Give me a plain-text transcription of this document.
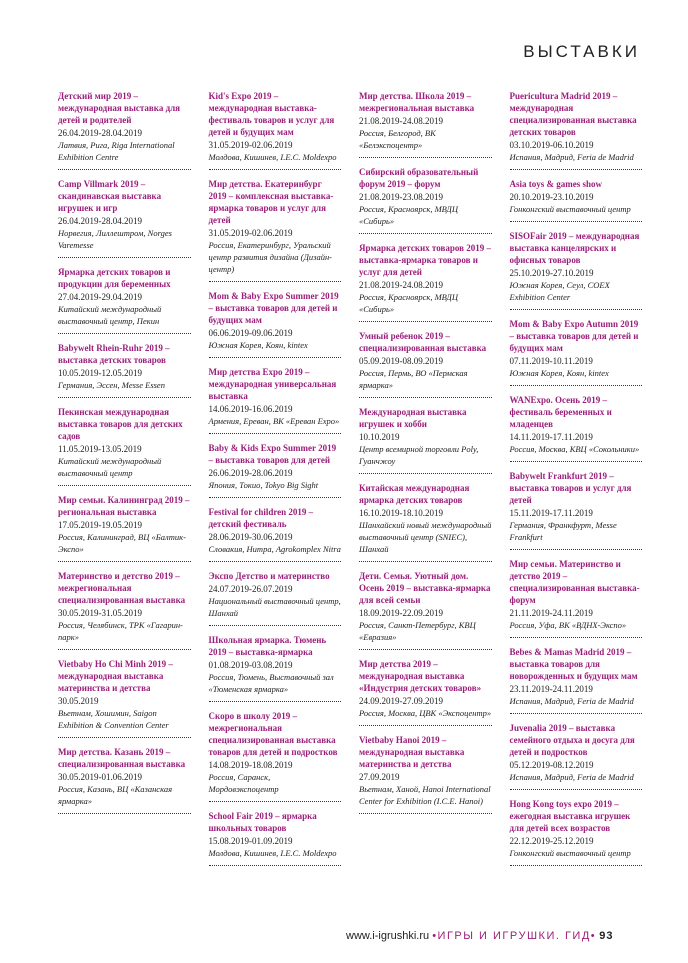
ВЫСТАВКИ
Детский мир 2019 – международная выставка для детей и родителей
26.04.2019-28.04.2019
Латвия, Рига, Riga International Exhibition Centre
Camp Villmark 2019 – скандинавская выставка игрушек и игр
26.04.2019-28.04.2019
Норвегия, Лиллештром, Norges Varemesse
Ярмарка детских товаров и продукции для беременных
27.04.2019-29.04.2019
Китайский международный выставочный центр, Пекин
Babywelt Rhein-Ruhr 2019 – выставка детских товаров
10.05.2019-12.05.2019
Германия, Эссен, Messe Essen
Пекинская международная выставка товаров для детских садов
11.05.2019-13.05.2019
Китайский международный выставочный центр
Мир семьи. Калининград 2019 – региональная выставка
17.05.2019-19.05.2019
Россия, Калининград, ВЦ «Балтик-Экспо»
Материнство и детство 2019 – межрегиональная специализированная выставка
30.05.2019-31.05.2019
Россия, Челябинск, ТРК «Гагарин-парк»
Vietbaby Ho Chi Minh 2019 – международная выставка материнства и детства
30.05.2019
Вьетнам, Хошимин, Saigon Exhibition & Convention Center
Мир детства. Казань 2019 – специализированная выставка
30.05.2019-01.06.2019
Россия, Казань, ВЦ «Казанская ярмарка»
Kid's Expo 2019 – международная выставка-фестиваль товаров и услуг для детей и будущих мам
31.05.2019-02.06.2019
Молдова, Кишинев, I.E.C. Moldexpo
Мир детства. Екатеринбург 2019 – комплексная выставка-ярмарка товаров и услуг для детей
31.05.2019-02.06.2019
Россия, Екатеринбург, Уральский центр развития дизайна (Дизайн-центр)
Mom & Baby Expo Summer 2019 – выставка товаров для детей и будущих мам
06.06.2019-09.06.2019
Южная Корея, Коян, kintex
Мир детства Expo 2019 – международная универсальная выставка
14.06.2019-16.06.2019
Армения, Ереван, ВК «Ереван Expo»
Baby & Kids Expo Summer 2019 – выставка товаров для детей
26.06.2019-28.06.2019
Япония, Токио, Tokyo Big Sight
Festival for children 2019 – детский фестиваль
28.06.2019-30.06.2019
Словакия, Нитра, Agrokomplex Nitra
Экспо Детство и материнство
24.07.2019-26.07.2019
Национальный выставочный центр, Шанхай
Школьная ярмарка. Тюмень 2019 – выставка-ярмарка
01.08.2019-03.08.2019
Россия, Тюмень, Выставочный зал «Тюменская ярмарка»
Скоро в школу 2019 – межрегиональная специализированная выставка товаров для детей и подростков
14.08.2019-18.08.2019
Россия, Саранск, Мордовэкспоцентр
School Fair 2019 – ярмарка школьных товаров
15.08.2019-01.09.2019
Молдова, Кишинев, I.E.C. Moldexpo
Мир детства. Школа 2019 – межрегиональная выставка
21.08.2019-24.08.2019
Россия, Белгород, ВК «Белэкспоцентр»
Сибирский образовательный форум 2019 – форум
21.08.2019-23.08.2019
Россия, Красноярск, МВДЦ «Сибирь»
Ярмарка детских товаров 2019 – выставка-ярмарка товаров и услуг для детей
21.08.2019-24.08.2019
Россия, Красноярск, МВДЦ «Сибирь»
Умный ребенок 2019 – специализированная выставка
05.09.2019-08.09.2019
Россия, Пермь, ВО «Пермская ярмарка»
Международная выставка игрушек и хобби
10.10.2019
Центр всемирной торговли Poly, Гуанчжоу
Китайская международная ярмарка детских товаров
16.10.2019-18.10.2019
Шанхайский новый международный выставочный центр (SNIEC), Шанхай
Дети. Семья. Уютный дом. Осень 2019 – выставка-ярмарка для всей семьи
18.09.2019-22.09.2019
Россия, Санкт-Петербург, КВЦ «Евразия»
Мир детства 2019 – международная выставка «Индустрия детских товаров»
24.09.2019-27.09.2019
Россия, Москва, ЦВК «Экспоцентр»
Vietbaby Hanoi 2019 – международная выставка материнства и детства
27.09.2019
Вьетнам, Ханой, Hanoi International Center for Exhibition (I.C.E. Hanoi)
Puericultura Madrid 2019 – международная специализированная выставка детских товаров
03.10.2019-06.10.2019
Испания, Мадрид, Feria de Madrid
Asia toys & games show
20.10.2019-23.10.2019
Гонконгский выставочный центр
SISOFair 2019 – международная выставка канцелярских и офисных товаров
25.10.2019-27.10.2019
Южная Корея, Сеул, COEX Exhibition Center
Mom & Baby Expo Autumn 2019 – выставка товаров для детей и будущих мам
07.11.2019-10.11.2019
Южная Корея, Коян, kintex
WANExpo. Осень 2019 – фестиваль беременных и младенцев
14.11.2019-17.11.2019
Россия, Москва, КВЦ «Сокольники»
Babywelt Frankfurt 2019 – выставка товаров и услуг для детей
15.11.2019-17.11.2019
Германия, Франкфурт, Messe Frankfurt
Мир семьи. Материнство и детство 2019 – специализированная выставка-форум
21.11.2019-24.11.2019
Россия, Уфа, ВК «ВДНХ-Экспо»
Bebes & Mamas Madrid 2019 – выставка товаров для новорожденных и будущих мам
23.11.2019-24.11.2019
Испания, Мадрид, Feria de Madrid
Juvenalia 2019 – выставка семейного отдыха и досуга для детей и подростков
05.12.2019-08.12.2019
Испания, Мадрид, Feria de Madrid
Hong Kong toys expo 2019 – ежегодная выставка игрушек для детей всех возрастов
22.12.2019-25.12.2019
Гонконгский выставочный центр
www.i-igrushki.ru •ИГРЫ И ИГРУШКИ. ГИД• 93
